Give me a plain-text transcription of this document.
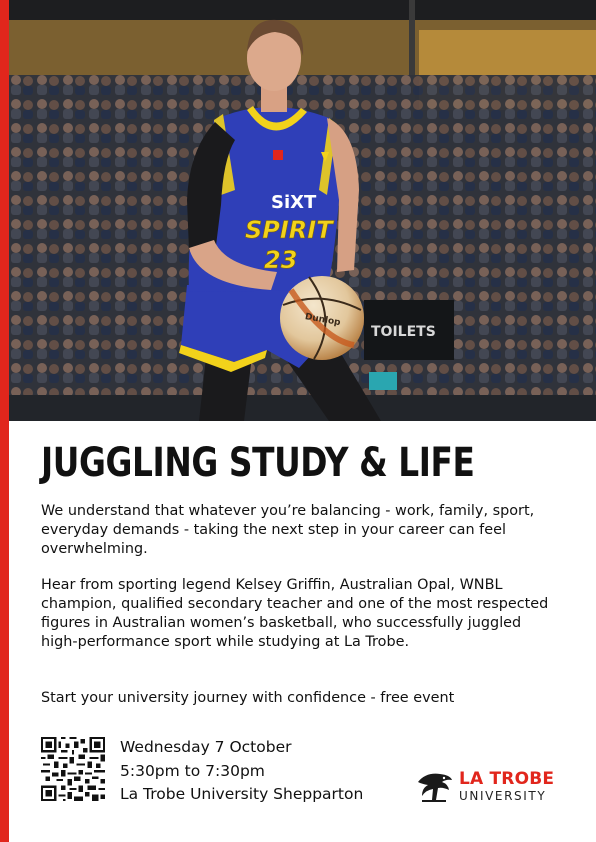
TOILETS
Dunlop
SiXT
SPIRIT
23
JUGGLING STUDY & LIFE

We understand that whatever you’re balancing - work, family, sport, everyday demands - taking the next step in your career can feel overwhelming.

Hear from sporting legend Kelsey Griffin, Australian Opal, WNBL champion, qualified secondary teacher and one of the most respected figures in Australian women’s basketball, who successfully juggled high-performance sport while studying at La Trobe.

Start your university journey with confidence - free event

Wednesday 7 October
5:30pm to 7:30pm
La Trobe University Shepparton
LA TROBE
UNIVERSITY
